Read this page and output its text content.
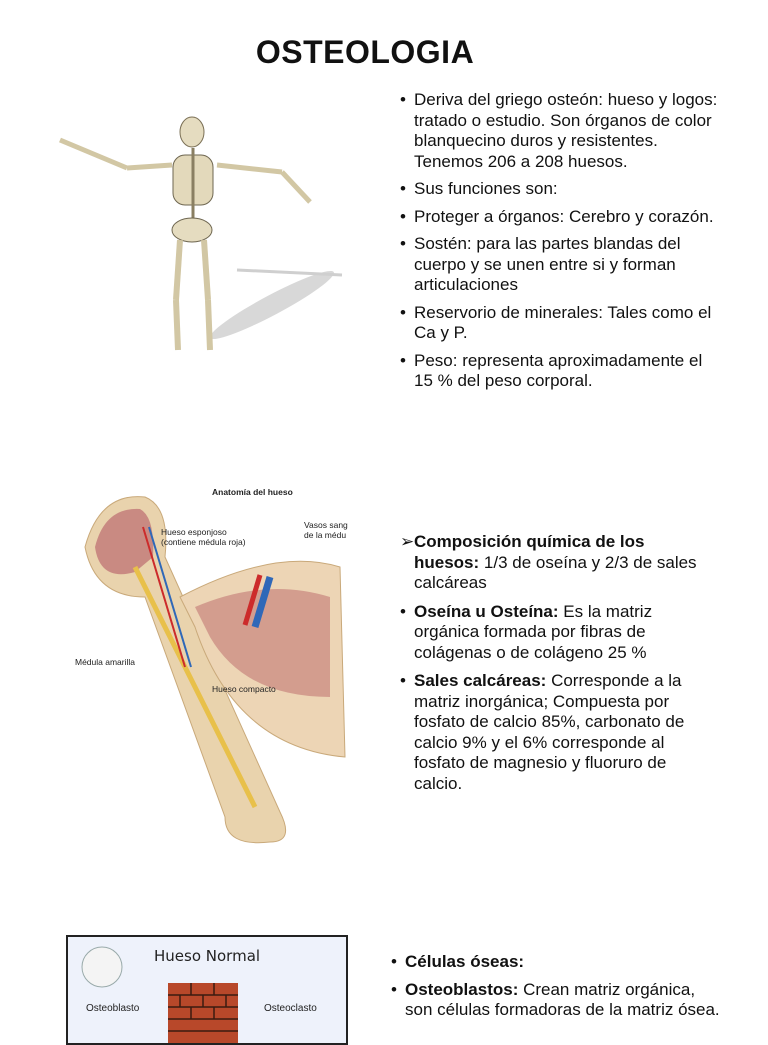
OSTEOLOGIA
• Deriva del griego osteón: hueso y logos: tratado o estudio. Son órganos de color blanquecino duros y resistentes. Tenemos 206 a 208 huesos.
• Sus funciones son:
• Proteger a órganos: Cerebro y corazón.
• Sostén: para las partes blandas del cuerpo y se unen entre si y forman articulaciones
• Reservorio de minerales: Tales como el Ca y P.
• Peso: representa aproximadamente el 15 % del peso corporal.
Anatomía del hueso
Hueso esponjoso
(contiene médula roja)
Vasos sang
de la médu
Médula amarilla
Hueso compacto
➢ Composición química de los huesos: 1/3 de oseína y 2/3 de sales calcáreas
• Oseína u Osteína: Es la matriz orgánica formada por fibras de colágenas o de colágeno 25 %
• Sales calcáreas: Corresponde a la matriz inorgánica; Compuesta por fosfato de calcio 85%, carbonato de calcio 9% y el 6% corresponde al fosfato de magnesio y fluoruro de calcio.
Hueso Normal
Osteoblasto	Osteoclasto
• Células óseas:
• Osteoblastos: Crean matriz orgánica, son células formadoras de la matriz ósea.
